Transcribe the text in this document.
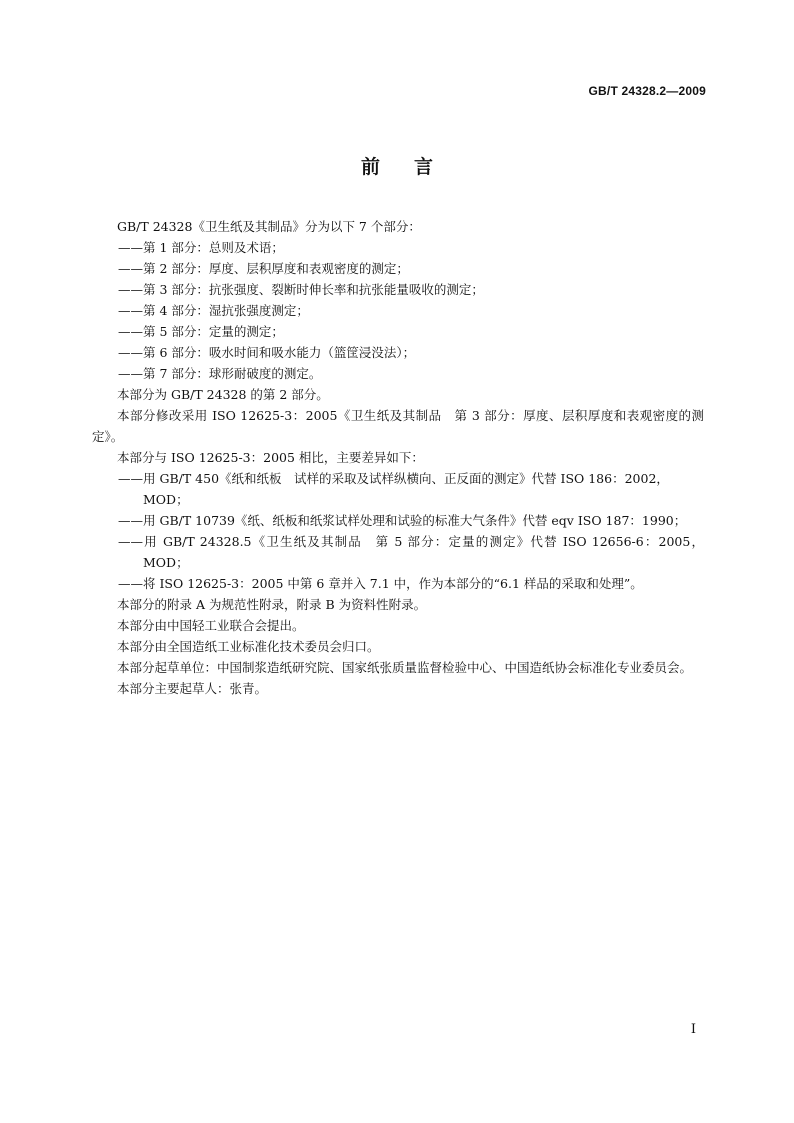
GB/T 24328.2—2009
前言

GB/T 24328《卫生纸及其制品》分为以下 7 个部分：

——第 1 部分：总则及术语；

——第 2 部分：厚度、层积厚度和表观密度的测定；

——第 3 部分：抗张强度、裂断时伸长率和抗张能量吸收的测定；

——第 4 部分：湿抗张强度测定；

——第 5 部分：定量的测定；

——第 6 部分：吸水时间和吸水能力（篮筐浸没法）；

——第 7 部分：球形耐破度的测定。

本部分为 GB/T 24328 的第 2 部分。

本部分修改采用 ISO 12625-3：2005《卫生纸及其制品　第 3 部分：厚度、层积厚度和表观密度的测定》。

本部分与 ISO 12625-3：2005 相比，主要差异如下：

——用 GB/T 450《纸和纸板　试样的采取及试样纵横向、正反面的测定》代替 ISO 186：2002，MOD；

——用 GB/T 10739《纸、纸板和纸浆试样处理和试验的标准大气条件》代替 eqv ISO 187：1990；

——用 GB/T 24328.5《卫生纸及其制品　第 5 部分：定量的测定》代替 ISO 12656-6：2005，MOD；

——将 ISO 12625-3：2005 中第 6 章并入 7.1 中，作为本部分的“6.1 样品的采取和处理”。

本部分的附录 A 为规范性附录，附录 B 为资料性附录。

本部分由中国轻工业联合会提出。

本部分由全国造纸工业标准化技术委员会归口。

本部分起草单位：中国制浆造纸研究院、国家纸张质量监督检验中心、中国造纸协会标准化专业委员会。

本部分主要起草人：张青。

I
